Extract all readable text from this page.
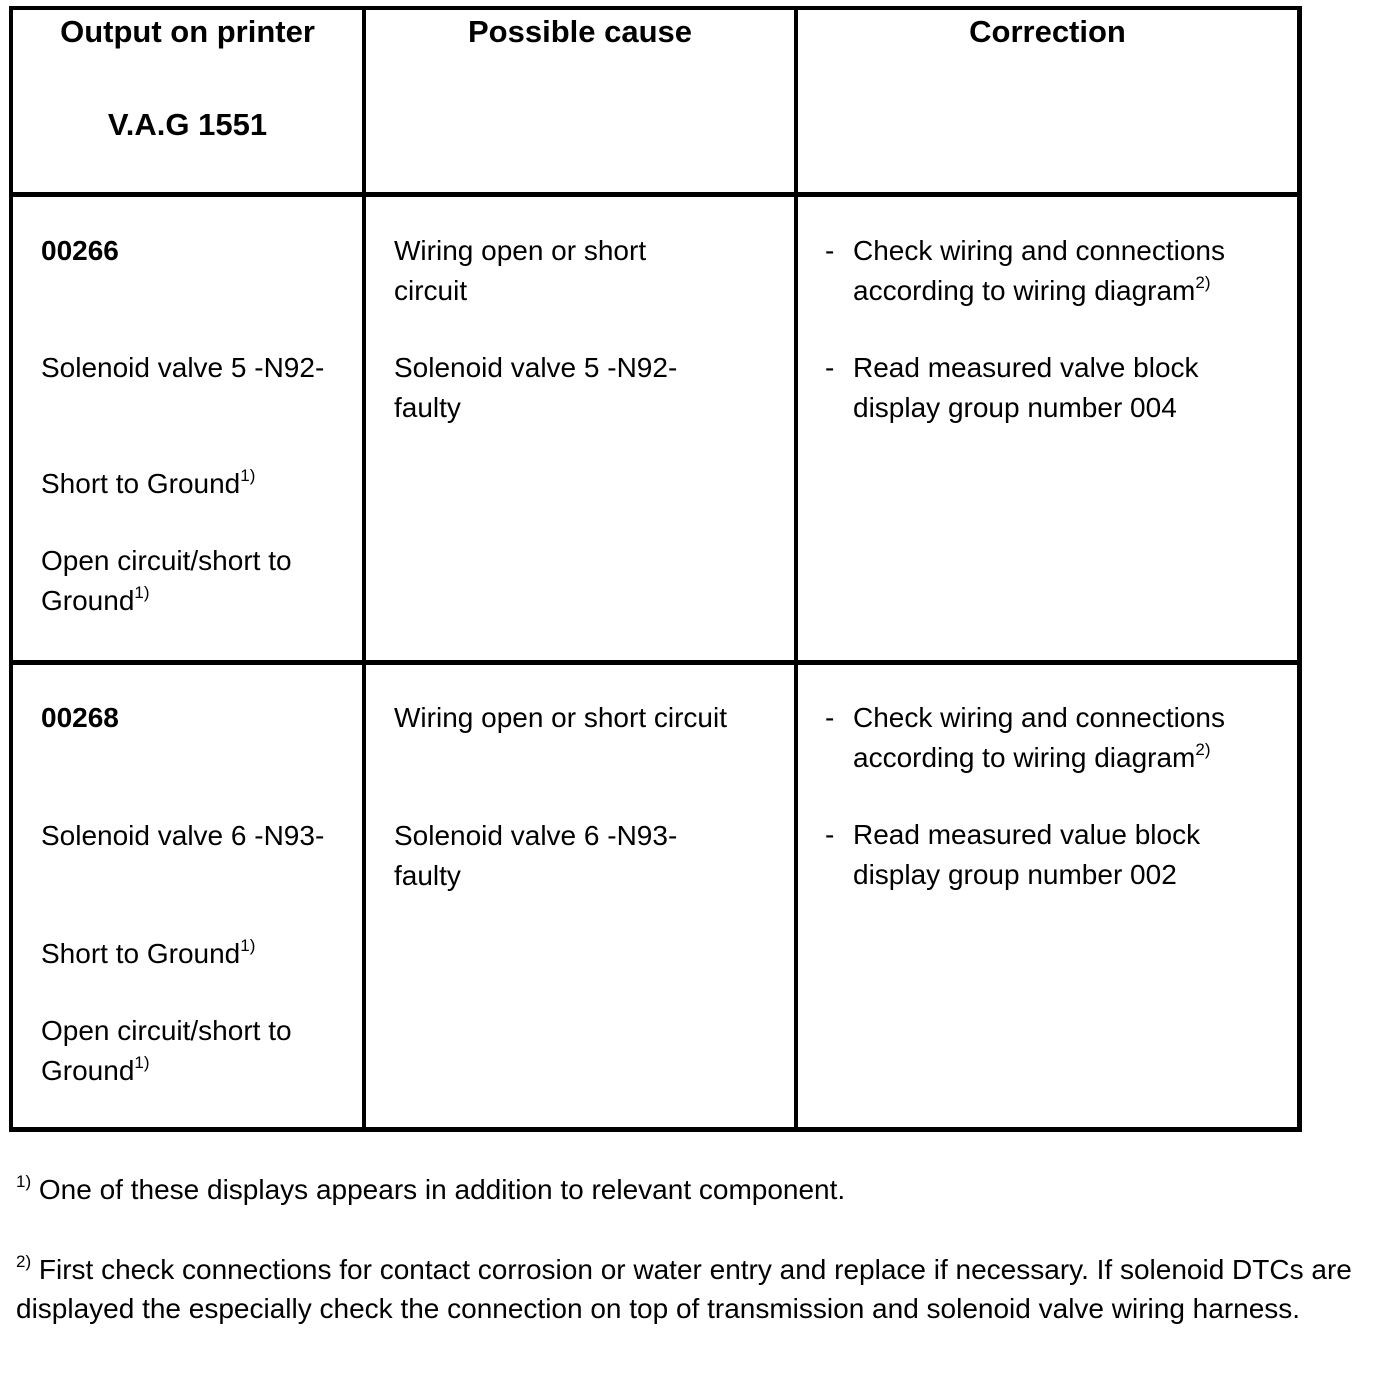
Output on printer
V.A.G 1551
Possible cause	Correction

00266

Solenoid valve 5 -N92-

Short to Ground$^{1)}$

Open circuit/short to Ground$^{1)}$

Wiring open or short circuit

Solenoid valve 5 -N92- faulty

- Check wiring and connections according to wiring diagram$^{2)}$

- Read measured valve block display group number 004

00268

Solenoid valve 6 -N93-

Short to Ground$^{1)}$

Open circuit/short to Ground$^{1)}$

Wiring open or short circuit

Solenoid valve 6 -N93- faulty

- Check wiring and connections according to wiring diagram$^{2)}$

- Read measured value block display group number 002

$^{1)}$ One of these displays appears in addition to relevant component.
$^{2)}$ First check connections for contact corrosion or water entry and replace if necessary. If solenoid DTCs are displayed the especially check the connection on top of transmission and solenoid valve wiring harness.
